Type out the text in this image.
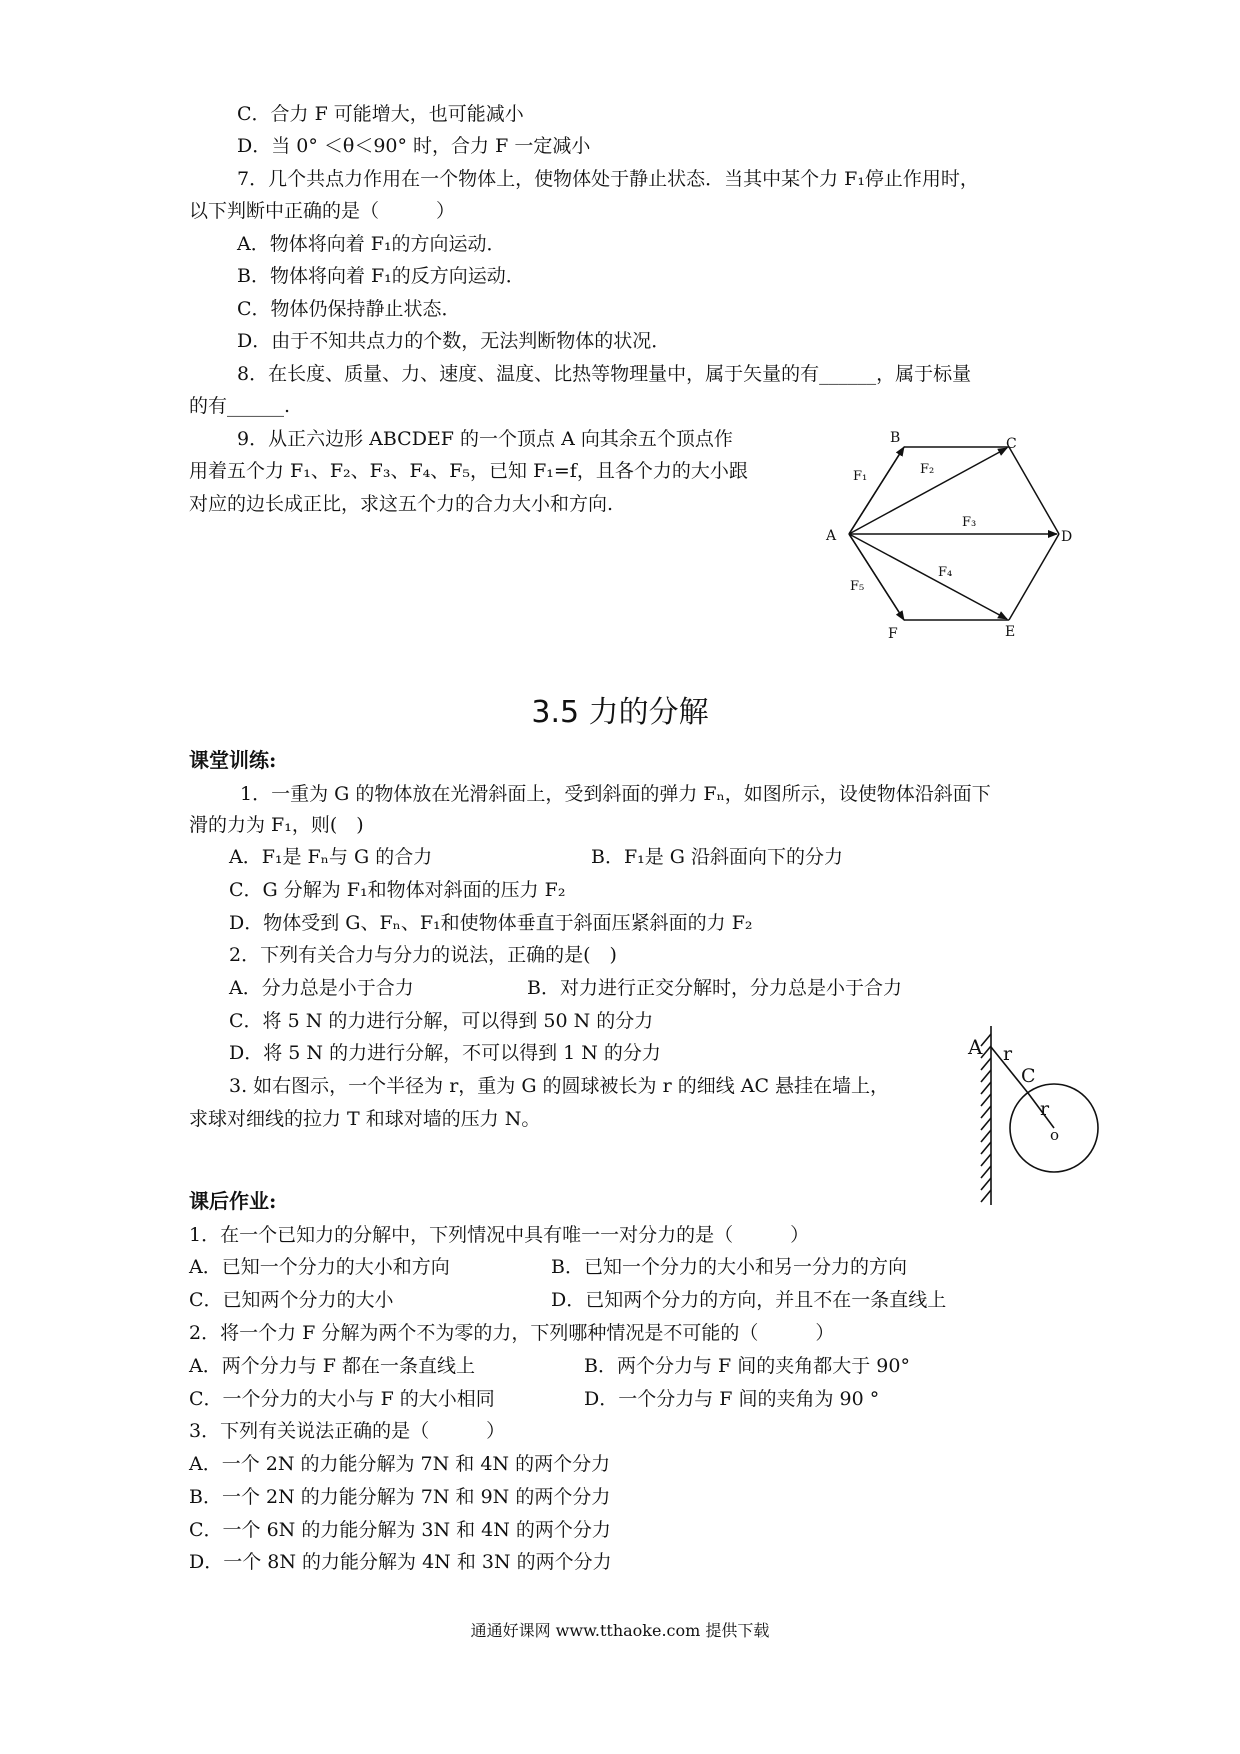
C．合力 F 可能增大，也可能减小
D．当 0° ＜θ＜90° 时，合力 F 一定减小
7．几个共点力作用在一个物体上，使物体处于静止状态．当其中某个力 F₁停止作用时，
以下判断中正确的是（　　　）
A．物体将向着 F₁的方向运动．
B．物体将向着 F₁的反方向运动．
C．物体仍保持静止状态．
D．由于不知共点力的个数，无法判断物体的状况．
8．在长度、质量、力、速度、温度、比热等物理量中，属于矢量的有______，属于标量
的有______.
9．从正六边形 ABCDEF 的一个顶点 A 向其余五个顶点作
用着五个力 F₁、F₂、F₃、F₄、F₅，已知 F₁=f，且各个力的大小跟
对应的边长成正比，求这五个力的合力大小和方向.
A
B	C
D
E
F
F₁	F₂
F₃
F₄
F₅
3.5 力的分解
课堂训练:
1．一重为 G 的物体放在光滑斜面上，受到斜面的弹力 Fₙ，如图所示，设使物体沿斜面下
滑的力为 F₁，则(　)
A．F₁是 Fₙ与 G 的合力	B．F₁是 G 沿斜面向下的分力
C．G 分解为 F₁和物体对斜面的压力 F₂
D．物体受到 G、Fₙ、F₁和使物体垂直于斜面压紧斜面的力 F₂
2．下列有关合力与分力的说法，正确的是(　)
A．分力总是小于合力	B．对力进行正交分解时，分力总是小于合力
C．将 5 N 的力进行分解，可以得到 50 N 的分力
D．将 5 N 的力进行分解，不可以得到 1 N 的分力
3. 如右图示，一个半径为 r，重为 G 的圆球被长为 r 的细线 AC 悬挂在墙上，
求球对细线的拉力 T 和球对墙的压力 N。
A r
C
r
o
课后作业:
1．在一个已知力的分解中，下列情况中具有唯一一对分力的是（　　　）
A．已知一个分力的大小和方向	B．已知一个分力的大小和另一分力的方向
C．已知两个分力的大小	D．已知两个分力的方向，并且不在一条直线上
2．将一个力 F 分解为两个不为零的力，下列哪种情况是不可能的（　　　）
A．两个分力与 F 都在一条直线上	B．两个分力与 F 间的夹角都大于 90°
C．一个分力的大小与 F 的大小相同	D．一个分力与 F 间的夹角为 90 °
3．下列有关说法正确的是（　　　）
A．一个 2N 的力能分解为 7N 和 4N 的两个分力
B．一个 2N 的力能分解为 7N 和 9N 的两个分力
C．一个 6N 的力能分解为 3N 和 4N 的两个分力
D．一个 8N 的力能分解为 4N 和 3N 的两个分力
通通好课网 www.tthaoke.com 提供下载
